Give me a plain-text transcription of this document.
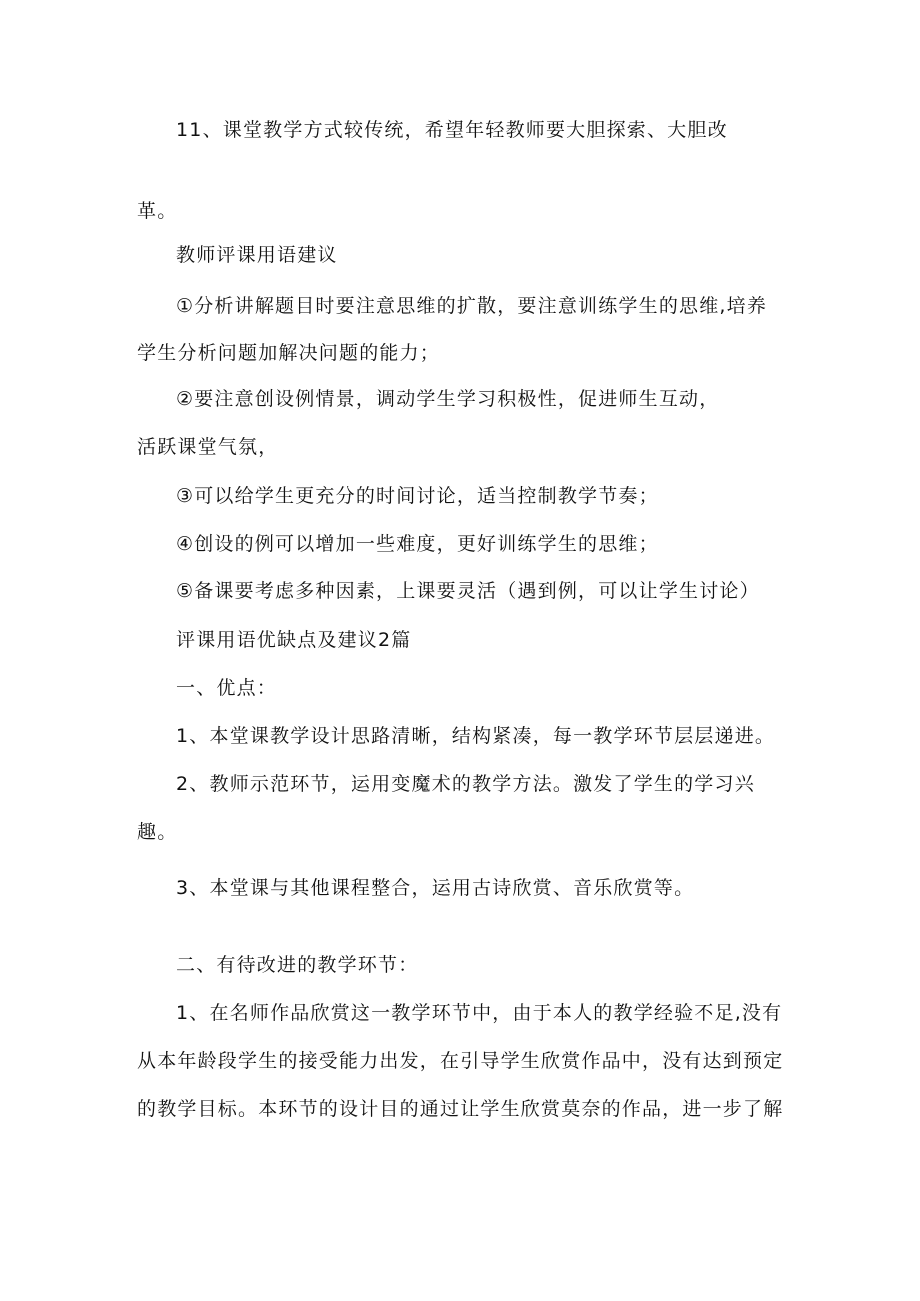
11、课堂教学方式较传统，希望年轻教师要大胆探索、大胆改
革。
教师评课用语建议
①分析讲解题目时要注意思维的扩散，要注意训练学生的思维,培养
学生分析问题加解决问题的能力；
②要注意创设例情景，调动学生学习积极性，促进师生互动，
活跃课堂气氛，
③可以给学生更充分的时间讨论，适当控制教学节奏；
④创设的例可以增加一些难度，更好训练学生的思维；
⑤备课要考虑多种因素，上课要灵活（遇到例，可以让学生讨论）
评课用语优缺点及建议2篇
一、优点：
1、本堂课教学设计思路清晰，结构紧凑，每一教学环节层层递进。
2、教师示范环节，运用变魔术的教学方法。激发了学生的学习兴
趣。
3、本堂课与其他课程整合，运用古诗欣赏、音乐欣赏等。
二、有待改进的教学环节：
1、在名师作品欣赏这一教学环节中，由于本人的教学经验不足,没有
从本年龄段学生的接受能力出发，在引导学生欣赏作品中，没有达到预定
的教学目标。本环节的设计目的通过让学生欣赏莫奈的作品，进一步了解
